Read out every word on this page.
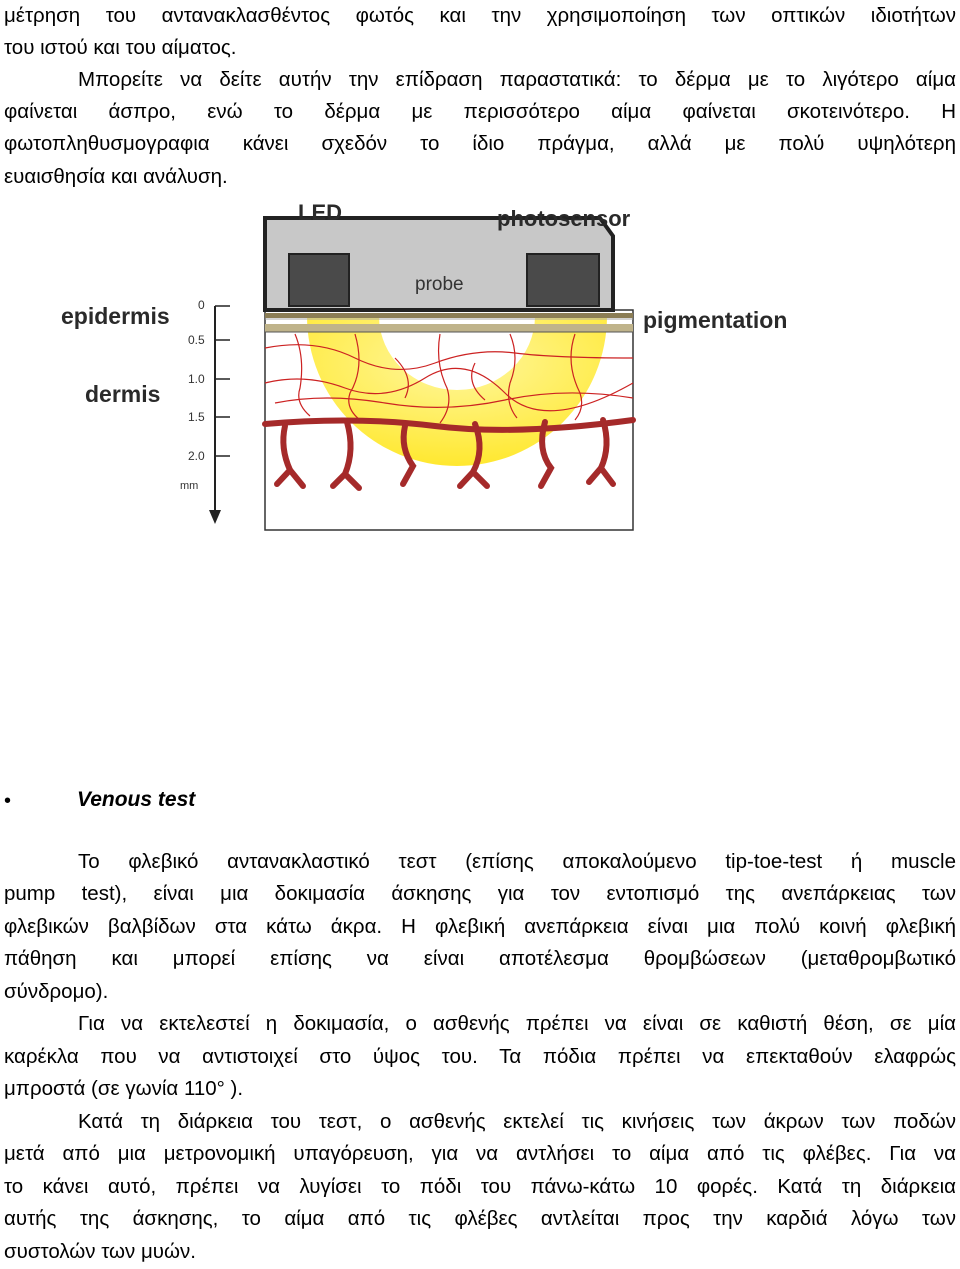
μέτρηση του αντανακλασθέντος φωτός και την χρησιμοποίηση των οπτικών ιδιοτήτων
του ιστού και του αίματος.
Μπορείτε να δείτε αυτήν την επίδραση παραστατικά: το δέρμα με το λιγότερο αίμα
φαίνεται άσπρο, ενώ το δέρμα με περισσότερο αίμα φαίνεται σκοτεινότερο. Η
φωτοπληθυσμογραφια κάνει σχεδόν το ίδιο πράγμα, αλλά με πολύ υψηλότερη
ευαισθησία και ανάλυση.
probe
0
0.5
1.0
1.5
2.0
mm
LED	photosensor
epidermis
dermis
pigmentation
•	Venous test
Το φλεβικό αντανακλαστικό τεστ (επίσης αποκαλούμενο tip-toe-test ή muscle
pump test), είναι μια δοκιμασία άσκησης για τον εντοπισμό της ανεπάρκειας των
φλεβικών βαλβίδων στα κάτω άκρα. Η φλεβική ανεπάρκεια είναι μια πολύ κοινή φλεβική
πάθηση και μπορεί επίσης να είναι αποτέλεσμα θρομβώσεων (μεταθρομβωτικό
σύνδρομο).
Για να εκτελεστεί η δοκιμασία, ο ασθενής πρέπει να είναι σε καθιστή θέση, σε μία
καρέκλα που να αντιστοιχεί στο ύψος του. Τα πόδια πρέπει να επεκταθούν ελαφρώς
μπροστά (σε γωνία 110° ).
Κατά τη διάρκεια του τεστ, ο ασθενής εκτελεί τις κινήσεις των άκρων των ποδών
μετά από μια μετρονομική υπαγόρευση, για να αντλήσει το αίμα από τις φλέβες. Για να
το κάνει αυτό, πρέπει να λυγίσει το πόδι του πάνω-κάτω 10 φορές. Κατά τη διάρκεια
αυτής της άσκησης, το αίμα από τις φλέβες αντλείται προς την καρδιά λόγω των
συστολών των μυών.
